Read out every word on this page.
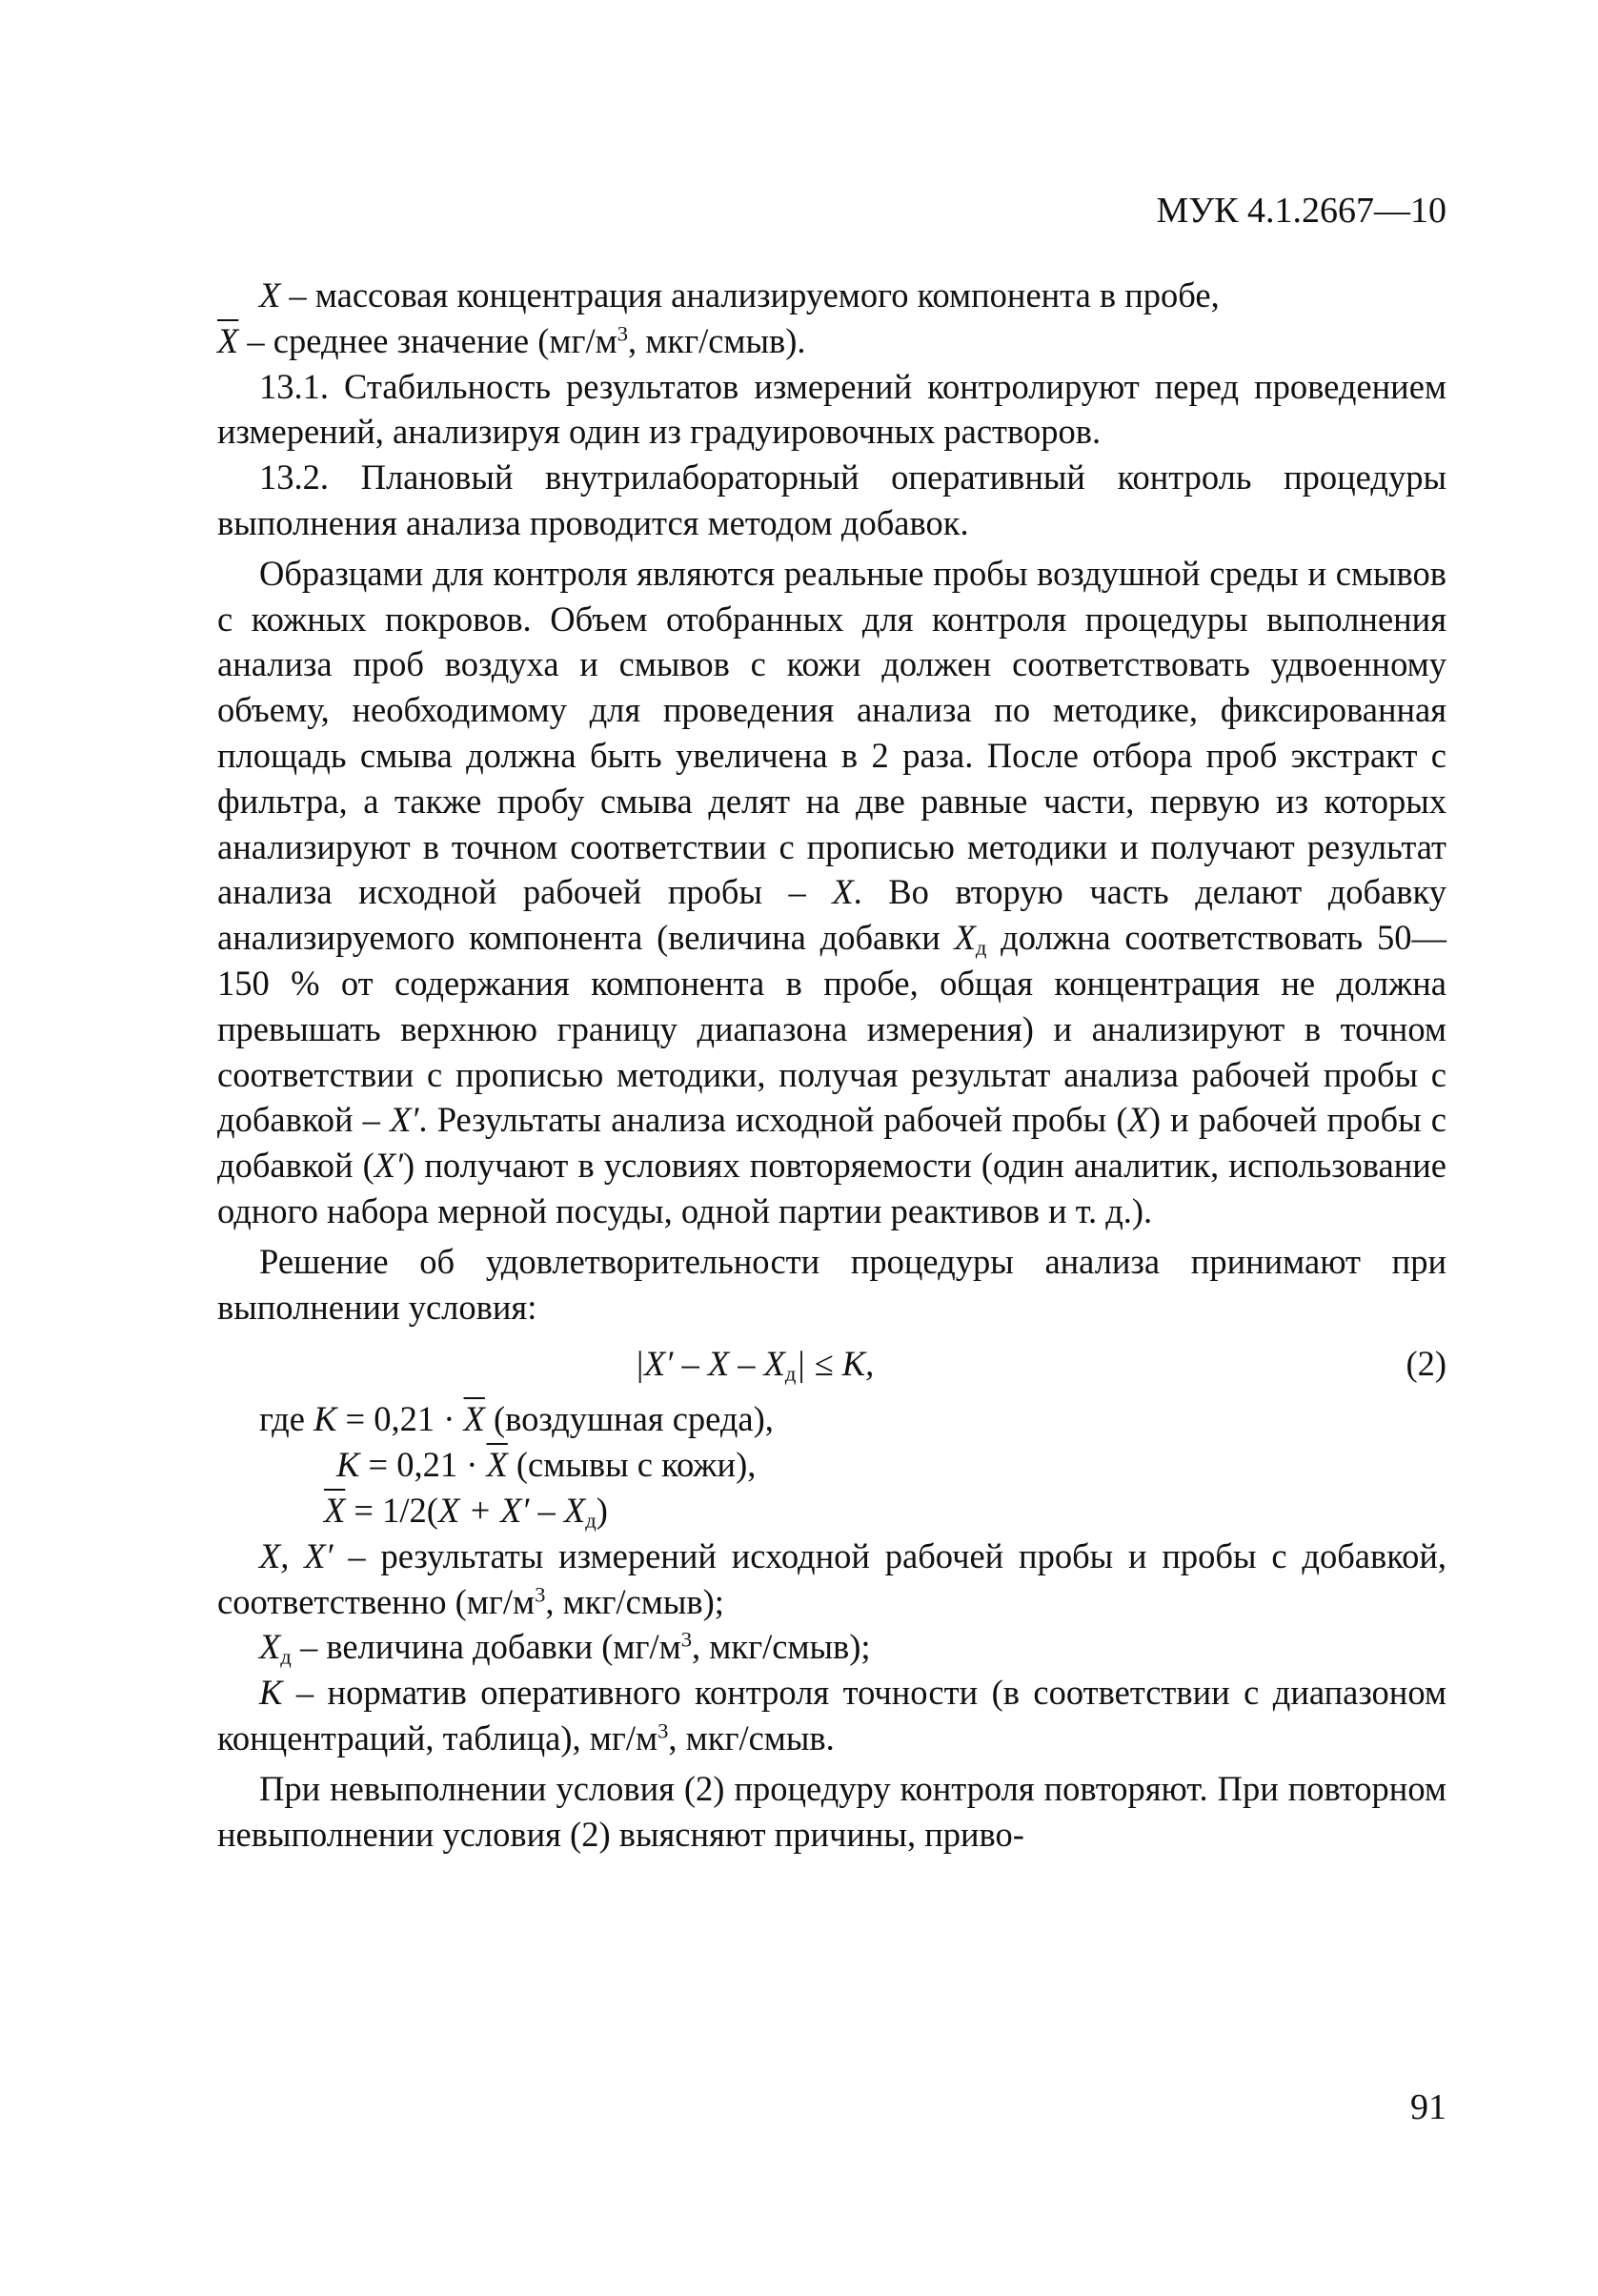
МУК 4.1.2667—10

X – массовая концентрация анализируемого компонента в пробе,

$\overline{X}$ – среднее значение ($мг/м^3$, мкг/смыв).

13.1. Стабильность результатов измерений контролируют перед проведением измерений, анализируя один из градуировочных растворов.

13.2. Плановый внутрилабораторный оперативный контроль процедуры выполнения анализа проводится методом добавок.

Образцами для контроля являются реальные пробы воздушной среды и смывов с кожных покровов. Объем отобранных для контроля процедуры выполнения анализа проб воздуха и смывов с кожи должен соответствовать удвоенному объему, необходимому для проведения анализа по методике, фиксированная площадь смыва должна быть увеличена в 2 раза. После отбора проб экстракт с фильтра, а также пробу смыва делят на две равные части, первую из которых анализируют в точном соответствии с прописью методики и получают результат анализа исходной рабочей пробы – X. Во вторую часть делают добавку анализируемого компонента (величина добавки $X_д$ должна соответствовать 50—150 % от содержания компонента в пробе, общая концентрация не должна превышать верхнюю границу диапазона измерения) и анализируют в точном соответствии с прописью методики, получая результат анализа рабочей пробы с добавкой – X′. Результаты анализа исходной рабочей пробы (X) и рабочей пробы с добавкой (X′) получают в условиях повторяемости (один аналитик, использование одного набора мерной посуды, одной партии реактивов и т. д.).

Решение об удовлетворительности процедуры анализа принимают при выполнении условия:

$|X' - X - X_д| \le K$,	(2)

где $K = 0,21 \cdot \overline{X}$ (воздушная среда),

$K = 0,21 \cdot \overline{X}$ (смывы с кожи),

$\overline{X} = 1/2(X + X' - X_д)$

X, X′ – результаты измерений исходной рабочей пробы и пробы с добавкой, соответственно ($мг/м^3$, мкг/смыв);

$X_д$ – величина добавки ($мг/м^3$, мкг/смыв);

K – норматив оперативного контроля точности (в соответствии с диапазоном концентраций, таблица), $мг/м^3$, мкг/смыв.

При невыполнении условия (2) процедуру контроля повторяют. При повторном невыполнении условия (2) выясняют причины, приво-

91
